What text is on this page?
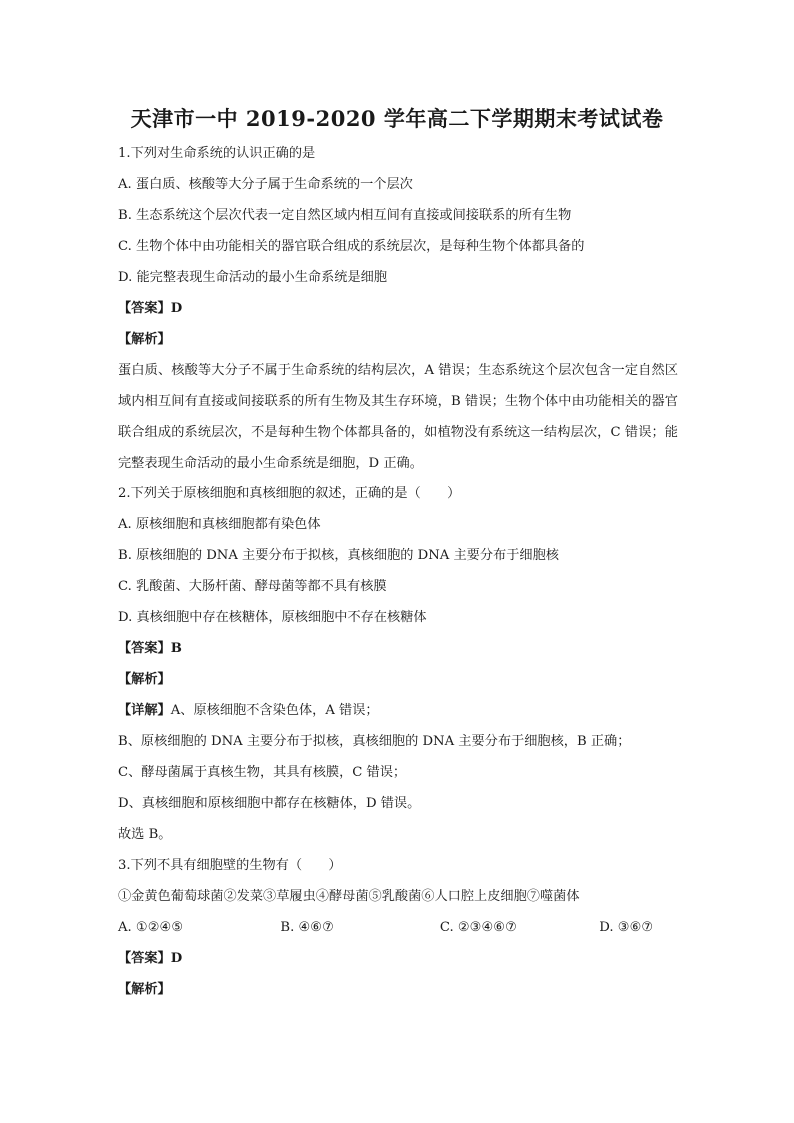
天津市一中 2019-2020 学年高二下学期期末考试试卷
1.下列对生命系统的认识正确的是
A. 蛋白质、核酸等大分子属于生命系统的一个层次
B. 生态系统这个层次代表一定自然区域内相互间有直接或间接联系的所有生物
C. 生物个体中由功能相关的器官联合组成的系统层次，是每种生物个体都具备的
D. 能完整表现生命活动的最小生命系统是细胞
【答案】D
【解析】

蛋白质、核酸等大分子不属于生命系统的结构层次，A 错误；生态系统这个层次包含一定自然区域内相互间有直接或间接联系的所有生物及其生存环境，B 错误；生物个体中由功能相关的器官联合组成的系统层次，不是每种生物个体都具备的，如植物没有系统这一结构层次，C 错误；能完整表现生命活动的最小生命系统是细胞，D 正确。

2.下列关于原核细胞和真核细胞的叙述，正确的是（　　）
A. 原核细胞和真核细胞都有染色体
B. 原核细胞的 DNA 主要分布于拟核，真核细胞的 DNA 主要分布于细胞核
C. 乳酸菌、大肠杆菌、酵母菌等都不具有核膜
D. 真核细胞中存在核糖体，原核细胞中不存在核糖体
【答案】B
【解析】
【详解】A、原核细胞不含染色体，A 错误；
B、原核细胞的 DNA 主要分布于拟核，真核细胞的 DNA 主要分布于细胞核，B 正确；
C、酵母菌属于真核生物，其具有核膜，C 错误；
D、真核细胞和原核细胞中都存在核糖体，D 错误。
故选 B。
3.下列不具有细胞壁的生物有（　　）
①金黄色葡萄球菌②发菜③草履虫④酵母菌⑤乳酸菌⑥人口腔上皮细胞⑦噬菌体
A. ①②④⑤	B. ④⑥⑦	C. ②③④⑥⑦	D. ③⑥⑦
【答案】D
【解析】
